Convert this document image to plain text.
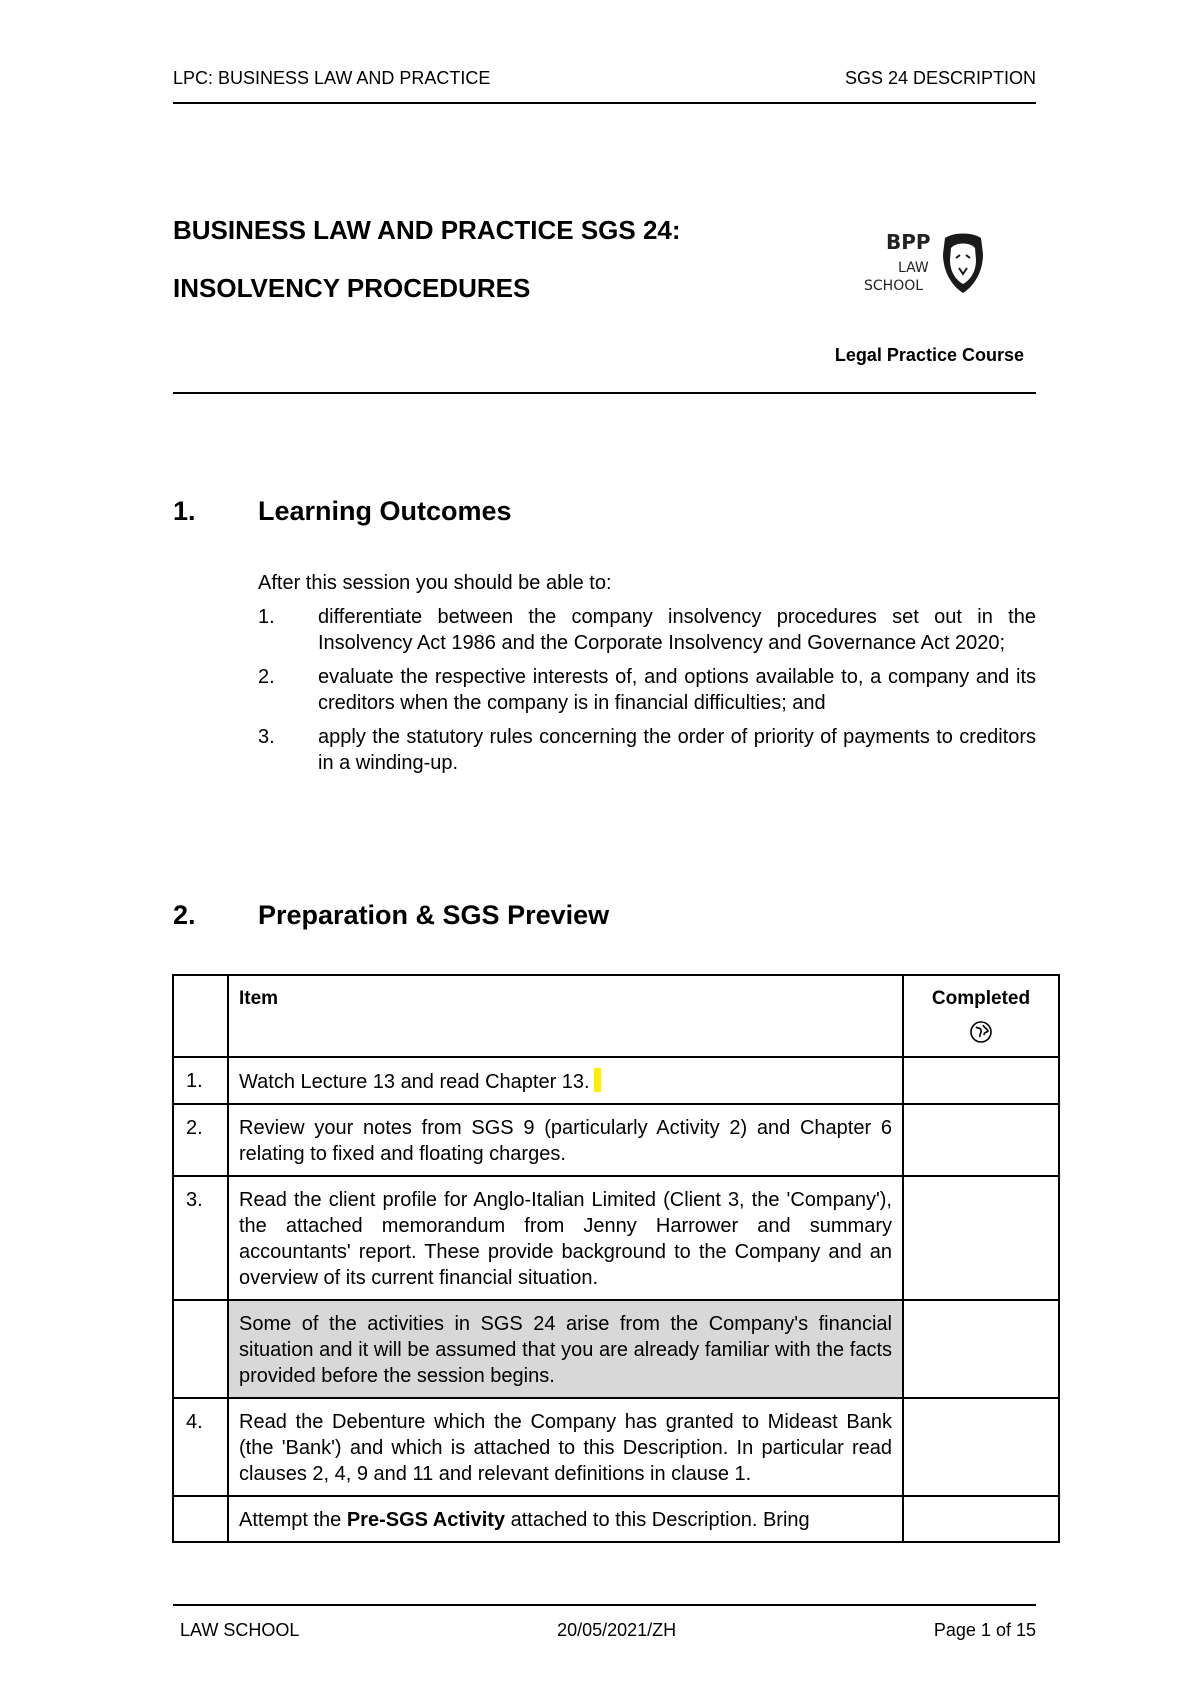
LPC: BUSINESS LAW AND PRACTICE	SGS 24 DESCRIPTION
BUSINESS LAW AND PRACTICE SGS 24:
INSOLVENCY PROCEDURES
BPP
LAW
SCHOOL
Legal Practice Course
1. Learning Outcomes
After this session you should be able to:
1.	differentiate between the company insolvency procedures set out in the Insolvency Act 1986 and the Corporate Insolvency and Governance Act 2020;
2.	evaluate the respective interests of, and options available to, a company and its creditors when the company is in financial difficulties; and
3.	apply the statutory rules concerning the order of priority of payments to creditors in a winding-up.
2. Preparation & SGS Preview
	Item	Completed

1.	Watch Lecture 13 and read Chapter 13.	
2.	Review your notes from SGS 9 (particularly Activity 2) and Chapter 6 relating to fixed and floating charges.	
3.	Read the client profile for Anglo-Italian Limited (Client 3, the 'Company'), the attached memorandum from Jenny Harrower and summary accountants' report. These provide background to the Company and an overview of its current financial situation.	
	Some of the activities in SGS 24 arise from the Company's financial situation and it will be assumed that you are already familiar with the facts provided before the session begins.	
4.	Read the Debenture which the Company has granted to Mideast Bank (the 'Bank') and which is attached to this Description. In particular read clauses 2, 4, 9 and 11 and relevant definitions in clause 1.	
	Attempt the Pre-SGS Activity attached to this Description. Bring	
LAW SCHOOL	20/05/2021/ZH	Page 1 of 15
